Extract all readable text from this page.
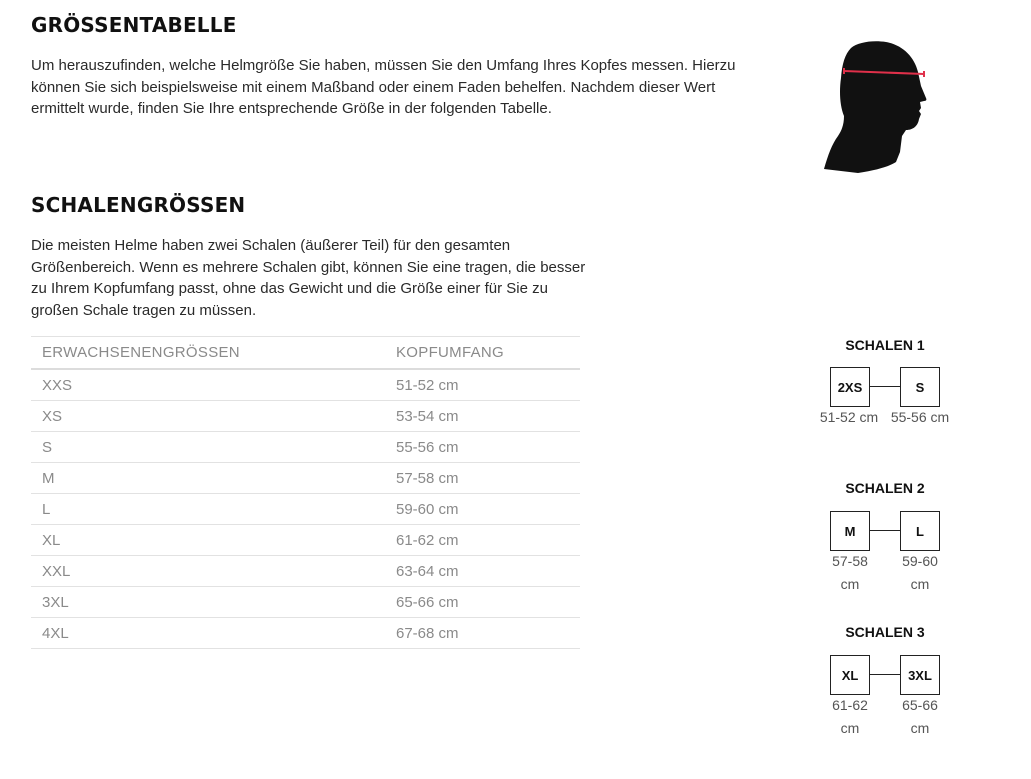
GRÖSSENTABELLE

Um herauszufinden, welche Helmgröße Sie haben, müssen Sie den Umfang Ihres Kopfes messen. Hierzu können Sie sich beispielsweise mit einem Maßband oder einem Faden behelfen. Nachdem dieser Wert ermittelt wurde, finden Sie Ihre entsprechende Größe in der folgenden Tabelle.

SCHALENGRÖSSEN

Die meisten Helme haben zwei Schalen (äußerer Teil) für den gesamten Größenbereich. Wenn es mehrere Schalen gibt, können Sie eine tragen, die besser zu Ihrem Kopfumfang passt, ohne das Gewicht und die Größe einer für Sie zu großen Schale tragen zu müssen.

ERWACHSENENGRÖSSEN	KOPFUMFANG
XXS	51-52 cm
XS	53-54 cm
S	55-56 cm
M	57-58 cm
L	59-60 cm
XL	61-62 cm
XXL	63-64 cm
3XL	65-66 cm
4XL	67-68 cm
SCHALEN 1
2XS	S
51-52 cm 55-56 cm
SCHALEN 2
M	L
57-58 cm
59-60 cm
SCHALEN 3
XL	3XL
61-62 cm
65-66 cm
